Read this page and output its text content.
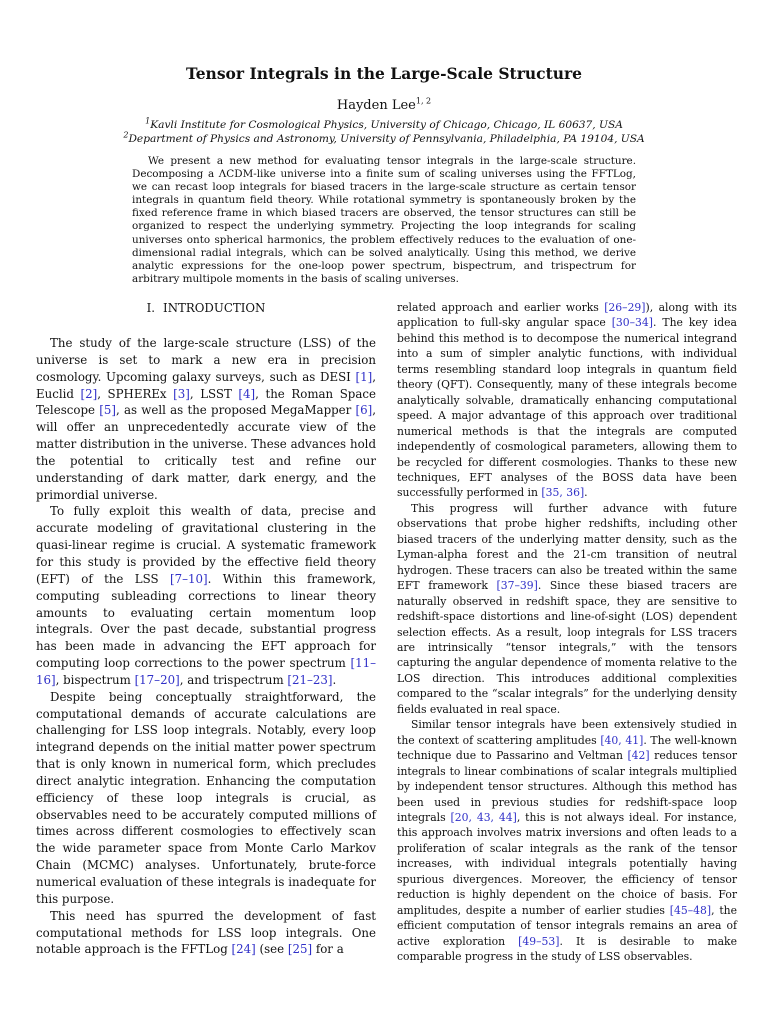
Tensor Integrals in the Large-Scale Structure
Hayden Lee$^{1, 2}$
$^1$Kavli Institute for Cosmological Physics, University of Chicago, Chicago, IL 60637, USA
$^2$Department of Physics and Astronomy, University of Pennsylvania, Philadelphia, PA 19104, USA
We present a new method for evaluating tensor integrals in the large-scale structure. Decomposing a ΛCDM-like universe into a finite sum of scaling universes using the FFTLog, we can recast loop integrals for biased tracers in the large-scale structure as certain tensor integrals in quantum field theory. While rotational symmetry is spontaneously broken by the fixed reference frame in which biased tracers are observed, the tensor structures can still be organized to respect the underlying symmetry. Projecting the loop integrands for scaling universes onto spherical harmonics, the problem effectively reduces to the evaluation of one-dimensional radial integrals, which can be solved analytically. Using this method, we derive analytic expressions for the one-loop power spectrum, bispectrum, and trispectrum for arbitrary multipole moments in the basis of scaling universes.
I. INTRODUCTION

The study of the large-scale structure (LSS) of the universe is set to mark a new era in precision cosmology. Upcoming galaxy surveys, such as DESI [1], Euclid [2], SPHEREx [3], LSST [4], the Roman Space Telescope [5], as well as the proposed MegaMapper [6], will offer an unprecedentedly accurate view of the matter distribution in the universe. These advances hold the potential to critically test and refine our understanding of dark matter, dark energy, and the primordial universe.

To fully exploit this wealth of data, precise and accurate modeling of gravitational clustering in the quasi-linear regime is crucial. A systematic framework for this study is provided by the effective field theory (EFT) of the LSS [7–10]. Within this framework, computing subleading corrections to linear theory amounts to evaluating certain momentum loop integrals. Over the past decade, substantial progress has been made in advancing the EFT approach for computing loop corrections to the power spectrum [11–16], bispectrum [17–20], and trispectrum [21–23].

Despite being conceptually straightforward, the computational demands of accurate calculations are challenging for LSS loop integrals. Notably, every loop integrand depends on the initial matter power spectrum that is only known in numerical form, which precludes direct analytic integration. Enhancing the computation efficiency of these loop integrals is crucial, as observables need to be accurately computed millions of times across different cosmologies to effectively scan the wide parameter space from Monte Carlo Markov Chain (MCMC) analyses. Unfortunately, brute-force numerical evaluation of these integrals is inadequate for this purpose.

This need has spurred the development of fast computational methods for LSS loop integrals. One notable approach is the FFTLog [24] (see [25] for a

related approach and earlier works [26–29]), along with its application to full-sky angular space [30–34]. The key idea behind this method is to decompose the numerical integrand into a sum of simpler analytic functions, with individual terms resembling standard loop integrals in quantum field theory (QFT). Consequently, many of these integrals become analytically solvable, dramatically enhancing computational speed. A major advantage of this approach over traditional numerical methods is that the integrals are computed independently of cosmological parameters, allowing them to be recycled for different cosmologies. Thanks to these new techniques, EFT analyses of the BOSS data have been successfully performed in [35, 36].

This progress will further advance with future observations that probe higher redshifts, including other biased tracers of the underlying matter density, such as the Lyman-alpha forest and the 21-cm transition of neutral hydrogen. These tracers can also be treated within the same EFT framework [37–39]. Since these biased tracers are naturally observed in redshift space, they are sensitive to redshift-space distortions and line-of-sight (LOS) dependent selection effects. As a result, loop integrals for LSS tracers are intrinsically “tensor integrals,” with the tensors capturing the angular dependence of momenta relative to the LOS direction. This introduces additional complexities compared to the “scalar integrals” for the underlying density fields evaluated in real space.

Similar tensor integrals have been extensively studied in the context of scattering amplitudes [40, 41]. The well-known technique due to Passarino and Veltman [42] reduces tensor integrals to linear combinations of scalar integrals multiplied by independent tensor structures. Although this method has been used in previous studies for redshift-space loop integrals [20, 43, 44], this is not always ideal. For instance, this approach involves matrix inversions and often leads to a proliferation of scalar integrals as the rank of the tensor increases, with individual integrals potentially having spurious divergences. Moreover, the efficiency of tensor reduction is highly dependent on the choice of basis. For amplitudes, despite a number of earlier studies [45–48], the efficient computation of tensor integrals remains an area of active exploration [49–53]. It is desirable to make comparable progress in the study of LSS observables.
